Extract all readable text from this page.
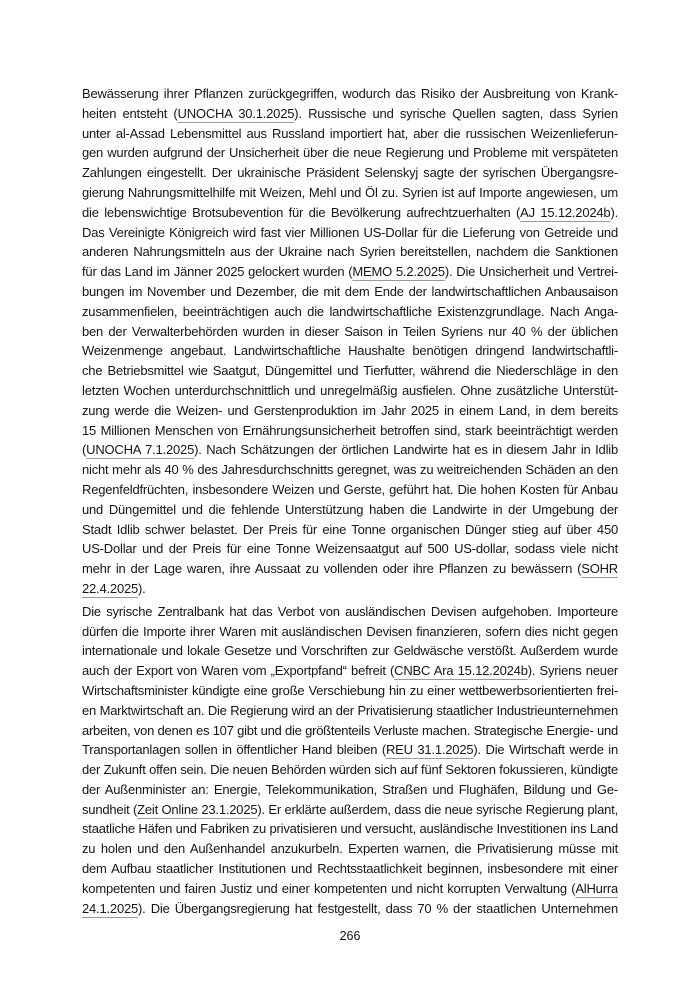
Bewässerung ihrer Pflanzen zurückgegriffen, wodurch das Risiko der Ausbreitung von Krank-
heiten entsteht (UNOCHA 30.1.2025). Russische und syrische Quellen sagten, dass Syrien
unter al-Assad Lebensmittel aus Russland importiert hat, aber die russischen Weizenlieferun-
gen wurden aufgrund der Unsicherheit über die neue Regierung und Probleme mit verspäteten
Zahlungen eingestellt. Der ukrainische Präsident Selenskyj sagte der syrischen Übergangsre-
gierung Nahrungsmittelhilfe mit Weizen, Mehl und Öl zu. Syrien ist auf Importe angewiesen, um
die lebenswichtige Brotsubevention für die Bevölkerung aufrechtzuerhalten (AJ 15.12.2024b).
Das Vereinigte Königreich wird fast vier Millionen US-Dollar für die Lieferung von Getreide und
anderen Nahrungsmitteln aus der Ukraine nach Syrien bereitstellen, nachdem die Sanktionen
für das Land im Jänner 2025 gelockert wurden (MEMO 5.2.2025). Die Unsicherheit und Vertrei-
bungen im November und Dezember, die mit dem Ende der landwirtschaftlichen Anbausaison
zusammenfielen, beeinträchtigen auch die landwirtschaftliche Existenzgrundlage. Nach Anga-
ben der Verwalterbehörden wurden in dieser Saison in Teilen Syriens nur 40 % der üblichen
Weizenmenge angebaut. Landwirtschaftliche Haushalte benötigen dringend landwirtschaftli-
che Betriebsmittel wie Saatgut, Düngemittel und Tierfutter, während die Niederschläge in den
letzten Wochen unterdurchschnittlich und unregelmäßig ausfielen. Ohne zusätzliche Unterstüt-
zung werde die Weizen- und Gerstenproduktion im Jahr 2025 in einem Land, in dem bereits
15 Millionen Menschen von Ernährungsunsicherheit betroffen sind, stark beeinträchtigt werden
(UNOCHA 7.1.2025). Nach Schätzungen der örtlichen Landwirte hat es in diesem Jahr in Idlib
nicht mehr als 40 % des Jahresdurchschnitts geregnet, was zu weitreichenden Schäden an den
Regenfeldfrüchten, insbesondere Weizen und Gerste, geführt hat. Die hohen Kosten für Anbau
und Düngemittel und die fehlende Unterstützung haben die Landwirte in der Umgebung der
Stadt Idlib schwer belastet. Der Preis für eine Tonne organischen Dünger stieg auf über 450
US-Dollar und der Preis für eine Tonne Weizensaatgut auf 500 US-dollar, sodass viele nicht
mehr in der Lage waren, ihre Aussaat zu vollenden oder ihre Pflanzen zu bewässern (SOHR
22.4.2025).
Die syrische Zentralbank hat das Verbot von ausländischen Devisen aufgehoben. Importeure
dürfen die Importe ihrer Waren mit ausländischen Devisen finanzieren, sofern dies nicht gegen
internationale und lokale Gesetze und Vorschriften zur Geldwäsche verstößt. Außerdem wurde
auch der Export von Waren vom „Exportpfand“ befreit (CNBC Ara 15.12.2024b). Syriens neuer
Wirtschaftsminister kündigte eine große Verschiebung hin zu einer wettbewerbsorientierten frei-
en Marktwirtschaft an. Die Regierung wird an der Privatisierung staatlicher Industrieunternehmen
arbeiten, von denen es 107 gibt und die größtenteils Verluste machen. Strategische Energie- und
Transportanlagen sollen in öffentlicher Hand bleiben (REU 31.1.2025). Die Wirtschaft werde in
der Zukunft offen sein. Die neuen Behörden würden sich auf fünf Sektoren fokussieren, kündigte
der Außenminister an: Energie, Telekommunikation, Straßen und Flughäfen, Bildung und Ge-
sundheit (Zeit Online 23.1.2025). Er erklärte außerdem, dass die neue syrische Regierung plant,
staatliche Häfen und Fabriken zu privatisieren und versucht, ausländische Investitionen ins Land
zu holen und den Außenhandel anzukurbeln. Experten warnen, die Privatisierung müsse mit
dem Aufbau staatlicher Institutionen und Rechtsstaatlichkeit beginnen, insbesondere mit einer
kompetenten und fairen Justiz und einer kompetenten und nicht korrupten Verwaltung (AlHurra
24.1.2025). Die Übergangsregierung hat festgestellt, dass 70 % der staatlichen Unternehmen
266
